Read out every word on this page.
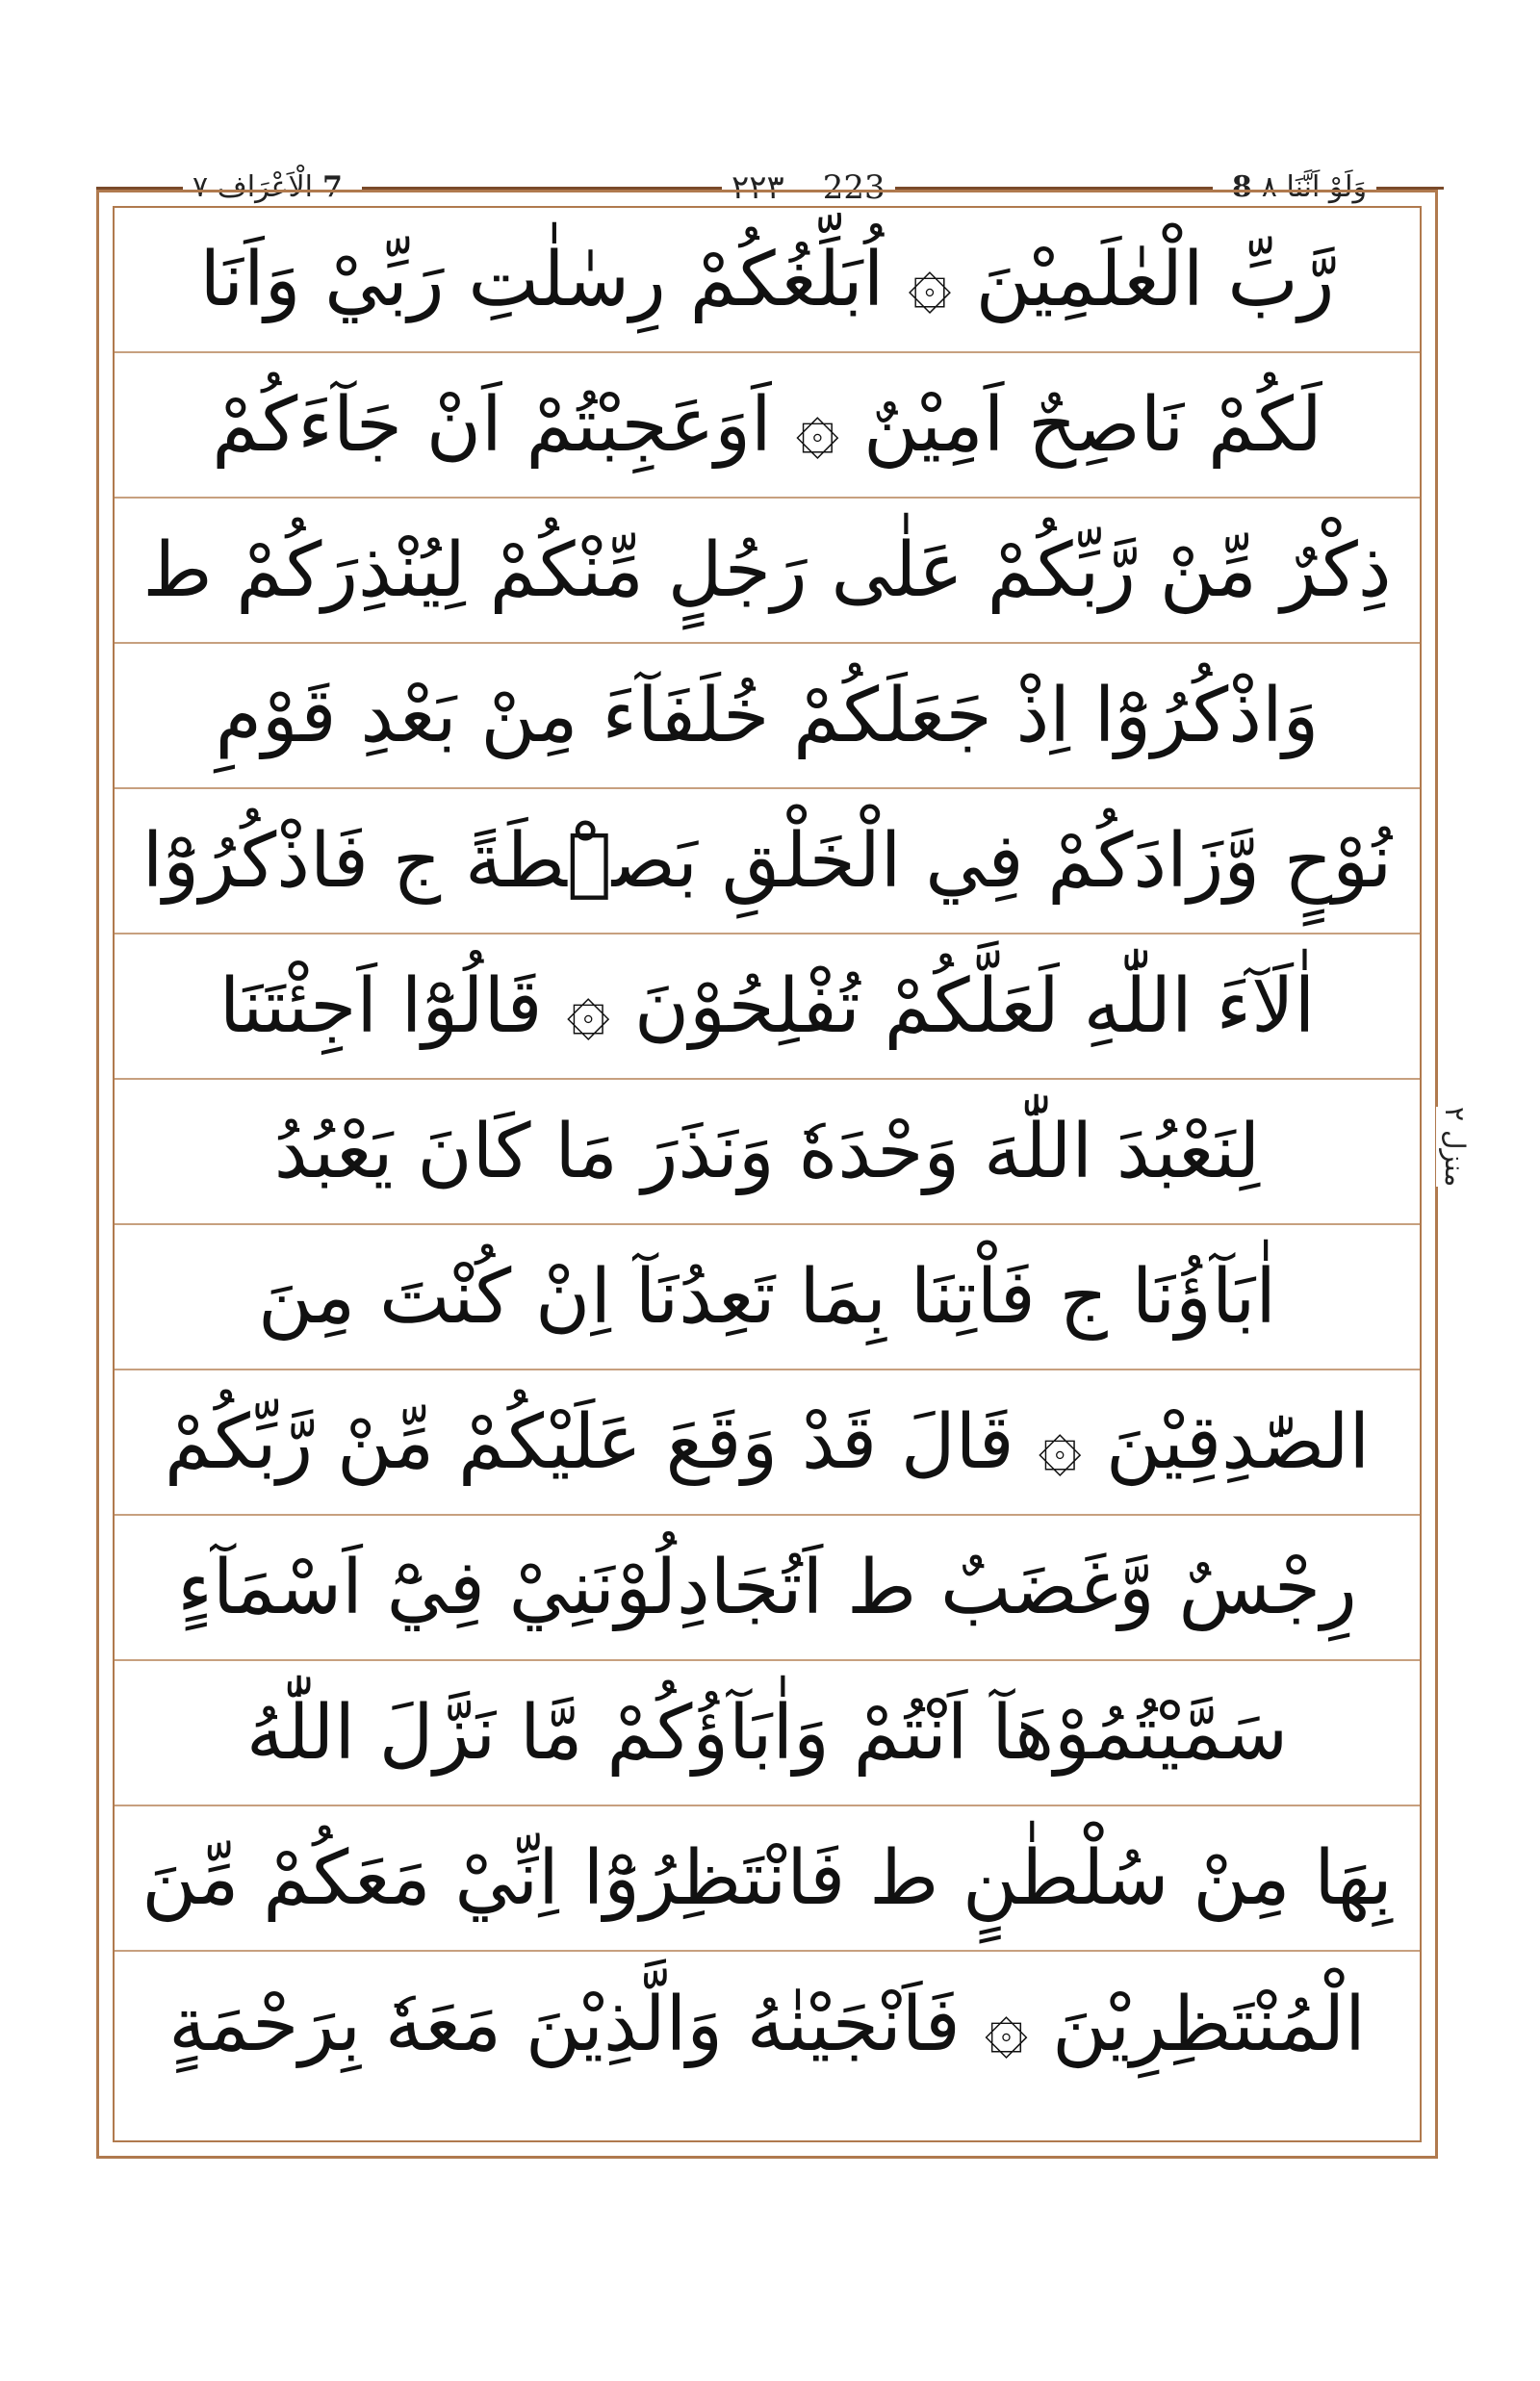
الْاَعْرَاف ۷ 7	۲۲۳ 223	8 وَلَوْ اَنَّنَا ۸
رَّبِّ الْعٰلَمِيْنَ ۞ اُبَلِّغُكُمْ رِسٰلٰتِ رَبِّيْ وَاَنَا
لَكُمْ نَاصِحٌ اَمِيْنٌ ۞ اَوَعَجِبْتُمْ اَنْ جَآءَكُمْ
ذِكْرٌ مِّنْ رَّبِّكُمْ عَلٰى رَجُلٍ مِّنْكُمْ لِيُنْذِرَكُمْ ط
وَاذْكُرُوْٓا اِذْ جَعَلَكُمْ خُلَفَآءَ مِنْ بَعْدِ قَوْمِ
نُوْحٍ وَّزَادَكُمْ فِي الْخَلْقِ بَصْۜطَةً ج فَاذْكُرُوْٓا
اٰلَآءَ اللّٰهِ لَعَلَّكُمْ تُفْلِحُوْنَ ۞ قَالُوْٓا اَجِئْتَنَا
لِنَعْبُدَ اللّٰهَ وَحْدَهٗ وَنَذَرَ مَا كَانَ يَعْبُدُ
اٰبَآؤُنَا ج فَاْتِنَا بِمَا تَعِدُنَآ اِنْ كُنْتَ مِنَ
الصّٰدِقِيْنَ ۞ قَالَ قَدْ وَقَعَ عَلَيْكُمْ مِّنْ رَّبِّكُمْ
رِجْسٌ وَّغَضَبٌ ط اَتُجَادِلُوْنَنِيْ فِيْٓ اَسْمَآءٍ
سَمَّيْتُمُوْهَآ اَنْتُمْ وَاٰبَآؤُكُمْ مَّا نَزَّلَ اللّٰهُ
بِهَا مِنْ سُلْطٰنٍ ط فَانْتَظِرُوْٓا اِنِّيْ مَعَكُمْ مِّنَ
الْمُنْتَظِرِيْنَ ۞ فَاَنْجَيْنٰهُ وَالَّذِيْنَ مَعَهٗ بِرَحْمَةٍ
منزل ۲
